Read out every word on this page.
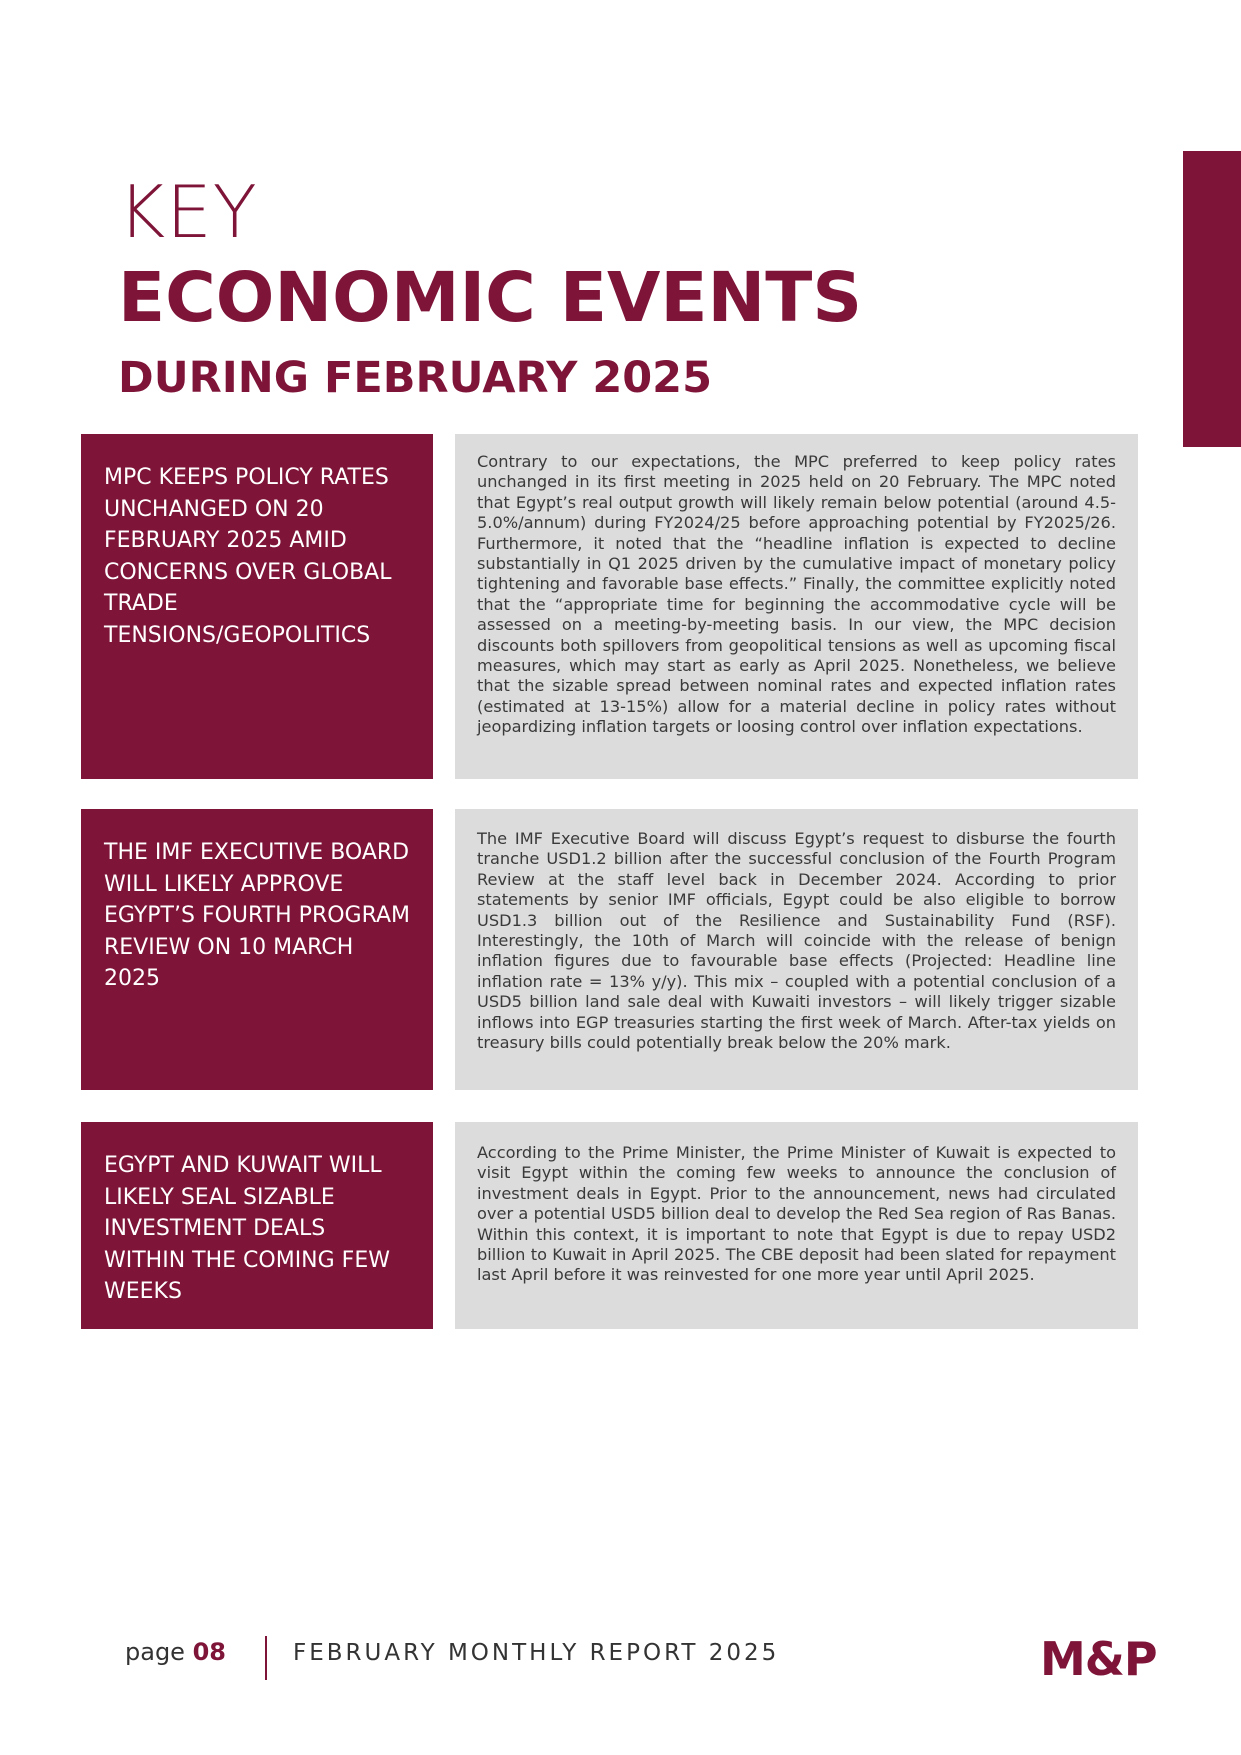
KEY
ECONOMIC EVENTS
DURING FEBRUARY 2025
MPC KEEPS POLICY RATES UNCHANGED ON 20 FEBRUARY 2025 AMID CONCERNS OVER GLOBAL TRADE TENSIONS/GEOPOLITICS
Contrary to our expectations, the MPC preferred to keep policy rates unchanged in its first meeting in 2025 held on 20 February. The MPC noted that Egypt’s real output growth will likely remain below potential (around 4.5-5.0%/annum) during FY2024/25 before approaching potential by FY2025/26. Furthermore, it noted that the “headline inflation is expected to decline substantially in Q1 2025 driven by the cumulative impact of monetary policy tightening and favorable base effects.” Finally, the committee explicitly noted that the “appropriate time for beginning the accommodative cycle will be assessed on a meeting-by-meeting basis. In our view, the MPC decision discounts both spillovers from geopolitical tensions as well as upcoming fiscal measures, which may start as early as April 2025. Nonetheless, we believe that the sizable spread between nominal rates and expected inflation rates (estimated at 13-15%) allow for a material decline in policy rates without jeopardizing inflation targets or loosing control over inflation expectations.
THE IMF EXECUTIVE BOARD WILL LIKELY APPROVE EGYPT’S FOURTH PROGRAM REVIEW ON 10 MARCH 2025
The IMF Executive Board will discuss Egypt’s request to disburse the fourth tranche USD1.2 billion after the successful conclusion of the Fourth Program Review at the staff level back in December 2024. According to prior statements by senior IMF officials, Egypt could be also eligible to borrow USD1.3 billion out of the Resilience and Sustainability Fund (RSF). Interestingly, the 10th of March will coincide with the release of benign inflation figures due to favourable base effects (Projected: Headline line inflation rate = 13% y/y). This mix – coupled with a potential conclusion of a USD5 billion land sale deal with Kuwaiti investors – will likely trigger sizable inflows into EGP treasuries starting the first week of March. After-tax yields on treasury bills could potentially break below the 20% mark.
EGYPT AND KUWAIT WILL LIKELY SEAL SIZABLE INVESTMENT DEALS WITHIN THE COMING FEW WEEKS
According to the Prime Minister, the Prime Minister of Kuwait is expected to visit Egypt within the coming few weeks to announce the conclusion of investment deals in Egypt. Prior to the announcement, news had circulated over a potential USD5 billion deal to develop the Red Sea region of Ras Banas. Within this context, it is important to note that Egypt is due to repay USD2 billion to Kuwait in April 2025. The CBE deposit had been slated for repayment last April before it was reinvested for one more year until April 2025.
page 08	FEBRUARY MONTHLY REPORT 2025	M&P
